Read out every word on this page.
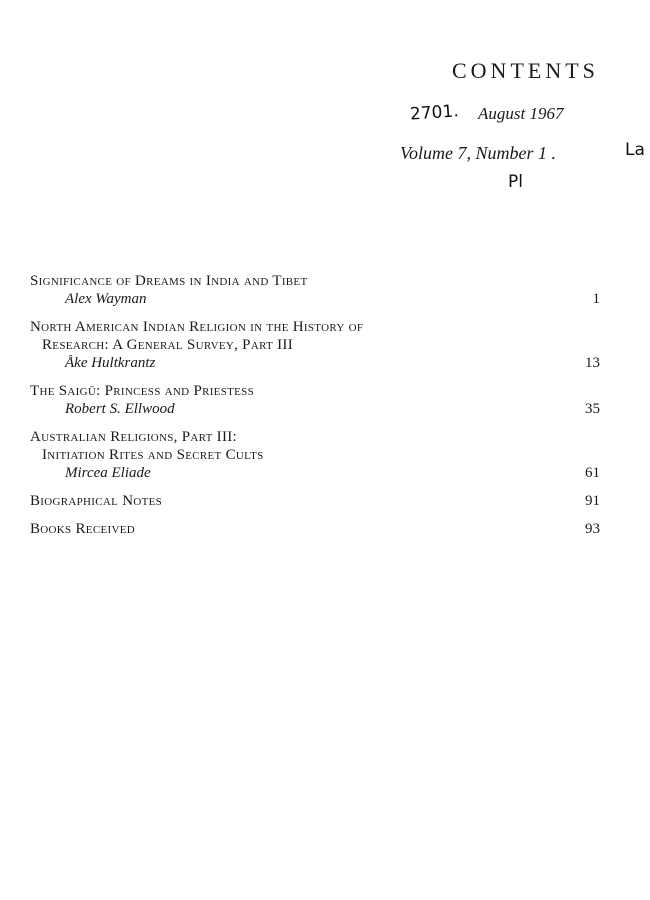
CONTENTS
2701. August 1967
Volume 7, Number 1 .	La
Pl
Significance of Dreams in India and Tibet
Alex Wayman	1
North American Indian Religion in the History of
Research: A General Survey, Part III
Åke Hultkrantz	13
The Saigū: Princess and Priestess
Robert S. Ellwood	35
Australian Religions, Part III:
Initiation Rites and Secret Cults
Mircea Eliade	61
Biographical Notes	91
Books Received	93
